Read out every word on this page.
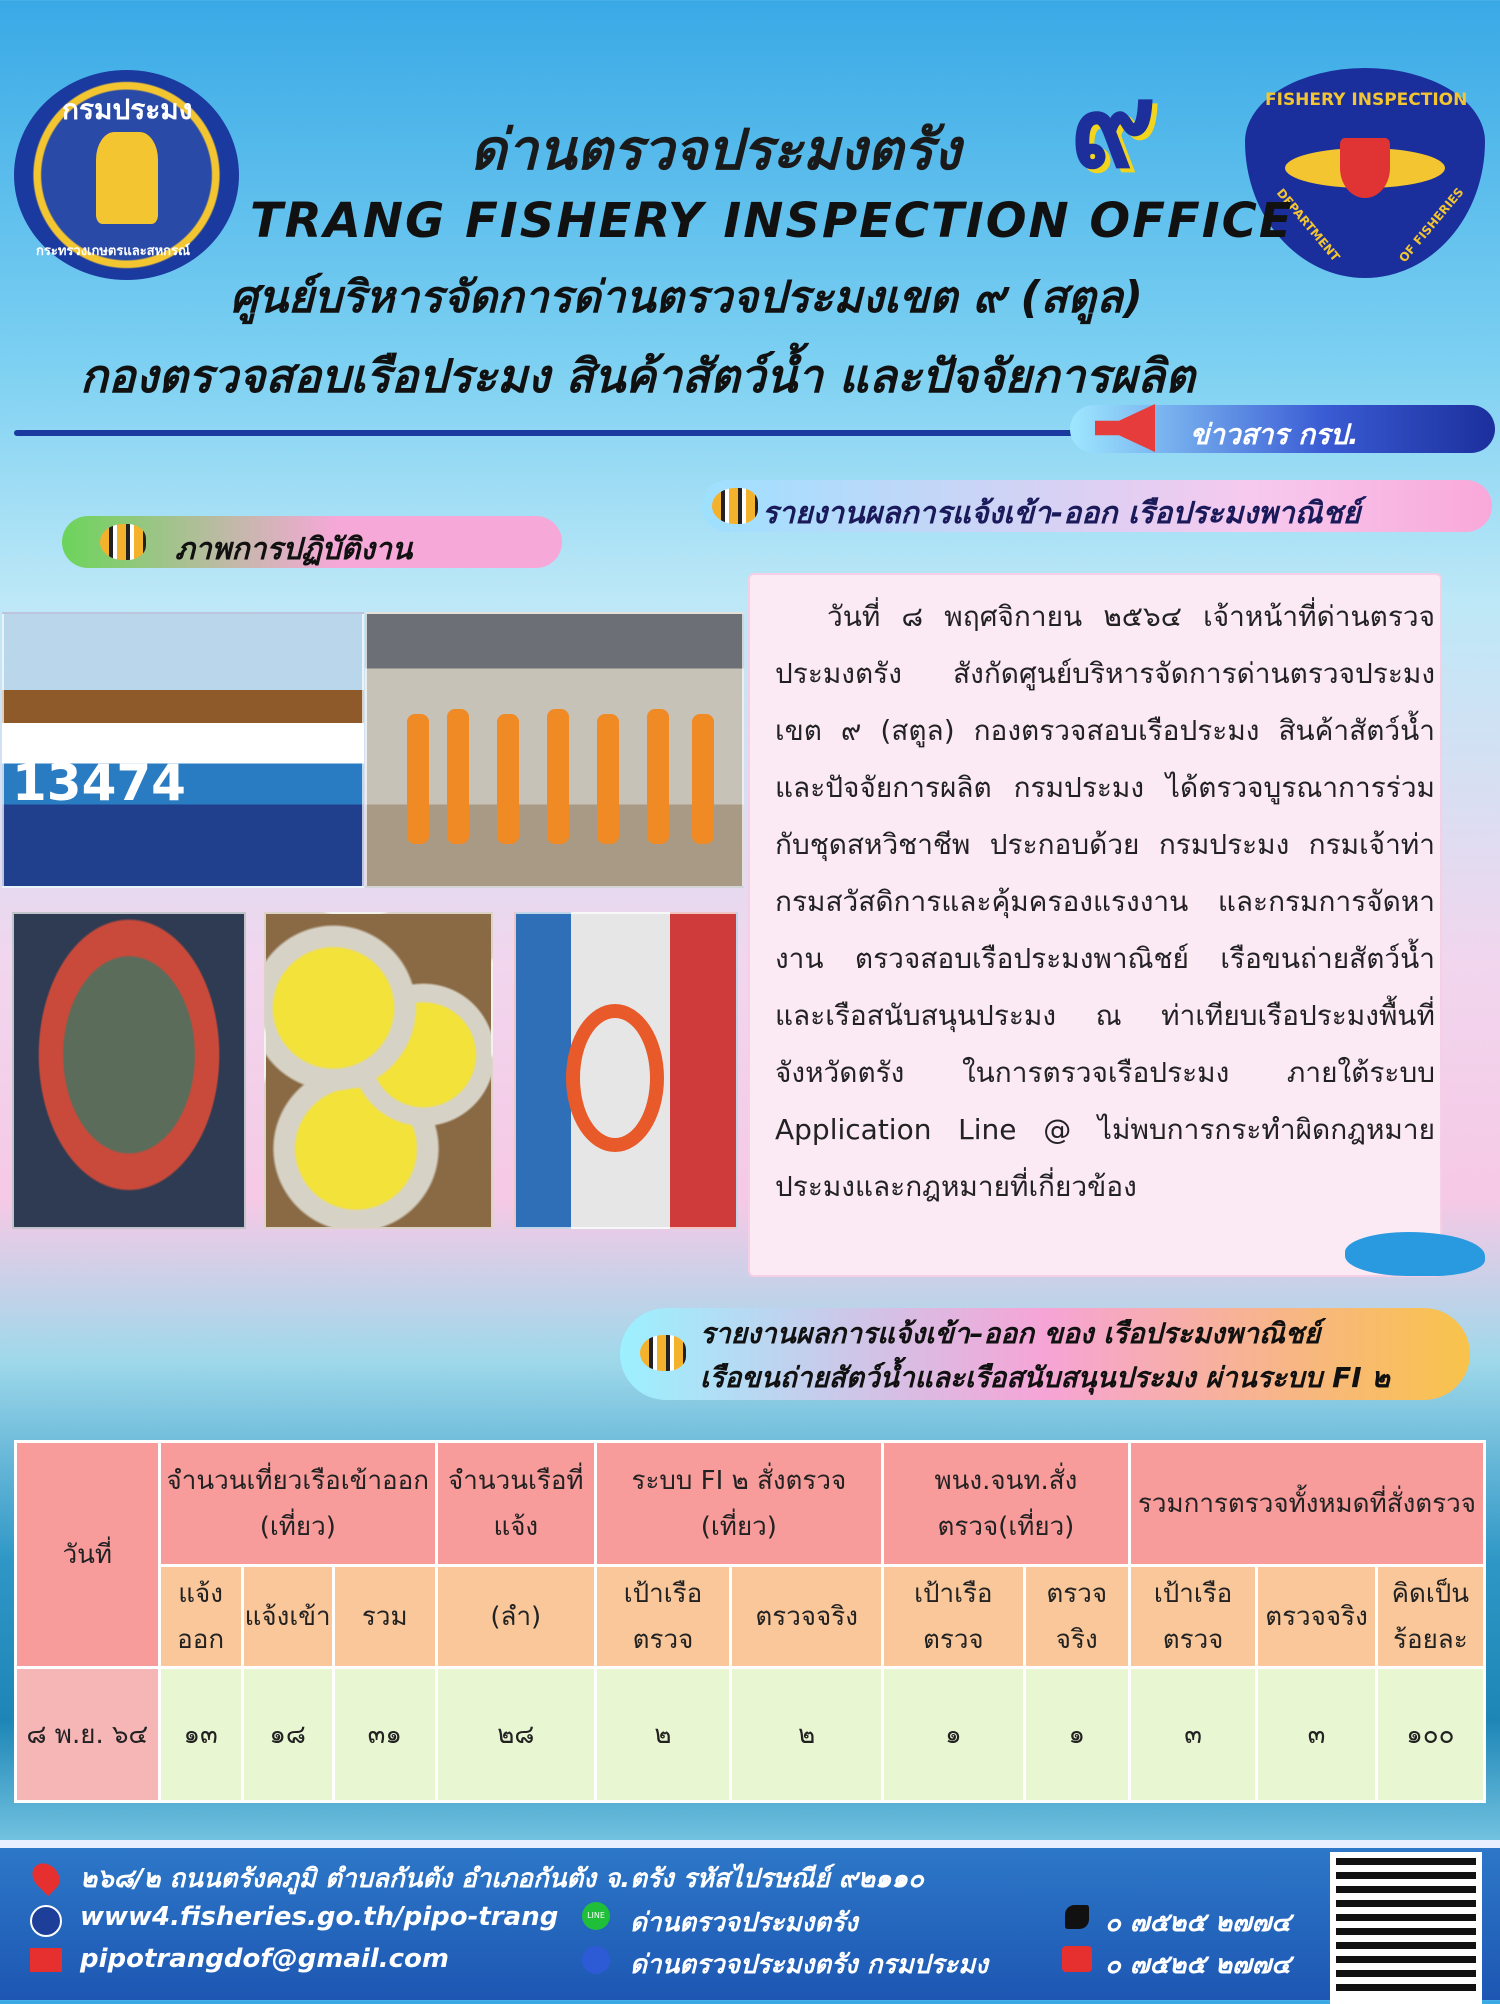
กรมประมง
กระทรวงเกษตรและสหกรณ์
FISHERY INSPECTION
DEPARTMENT	OF FISHERIES
ด่านตรวจประมงตรัง ๙
TRANG FISHERY INSPECTION OFFICE
ศูนย์บริหารจัดการด่านตรวจประมงเขต ๙ (สตูล)
กองตรวจสอบเรือประมง สินค้าสัตว์น้ำ และปัจจัยการผลิต
ข่าวสาร กรป.
รายงานผลการแจ้งเข้า-ออก เรือประมงพาณิชย์
ภาพการปฏิบัติงาน
13474
ป.ธัญธิติทัพย์ 5
วันที่ ๘ พฤศจิกายน ๒๕๖๔ เจ้าหน้าที่ด่านตรวจประมงตรัง สังกัดศูนย์บริหารจัดการด่านตรวจประมง เขต ๙ (สตูล) กองตรวจสอบเรือประมง สินค้าสัตว์น้ำ และปัจจัยการผลิต กรมประมง ได้ตรวจบูรณาการร่วมกับชุดสหวิชาชีพ ประกอบด้วย กรมประมง กรมเจ้าท่า กรมสวัสดิการและคุ้มครองแรงงาน และกรมการจัดหางาน ตรวจสอบเรือประมงพาณิชย์ เรือขนถ่ายสัตว์น้ำและเรือสนับสนุนประมง ณ ท่าเทียบเรือประมงพื้นที่จังหวัดตรัง ในการตรวจเรือประมง ภายใต้ระบบ Application Line @ ไม่พบการกระทำผิดกฎหมายประมงและกฎหมายที่เกี่ยวข้อง
รายงานผลการแจ้งเข้า–ออก ของ เรือประมงพาณิชย์
เรือขนถ่ายสัตว์น้ำและเรือสนับสนุนประมง ผ่านระบบ FI ๒
วันที่	จำนวนเที่ยวเรือเข้าออก (เที่ยว)			จำนวนเรือที่แจ้ง	ระบบ FI ๒ สั่งตรวจ (เที่ยว)		พนง.จนท.สั่งตรวจ(เที่ยว)		รวมการตรวจทั้งหมดที่สั่งตรวจ		
	แจ้งออก	แจ้งเข้า	รวม	(ลำ)	เป้าเรือตรวจ	ตรวจจริง	เป้าเรือตรวจ	ตรวจจริง	เป้าเรือตรวจ	ตรวจจริง	คิดเป็นร้อยละ
๘ พ.ย. ๖๔	๑๓	๑๘	๓๑	๒๘	๒	๒	๑	๑	๓	๓	๑๐๐
๒๖๘/๒ ถนนตรังคภูมิ ตำบลกันตัง อำเภอกันตัง จ.ตรัง รหัสไปรษณีย์ ๙๒๑๑๐
www4.fisheries.go.th/pipo-trang
pipotrangdof@gmail.com
LINE ด่านตรวจประมงตรัง
ด่านตรวจประมงตรัง กรมประมง
๐ ๗๕๒๕ ๒๗๗๔
๐ ๗๕๒๕ ๒๗๗๔
